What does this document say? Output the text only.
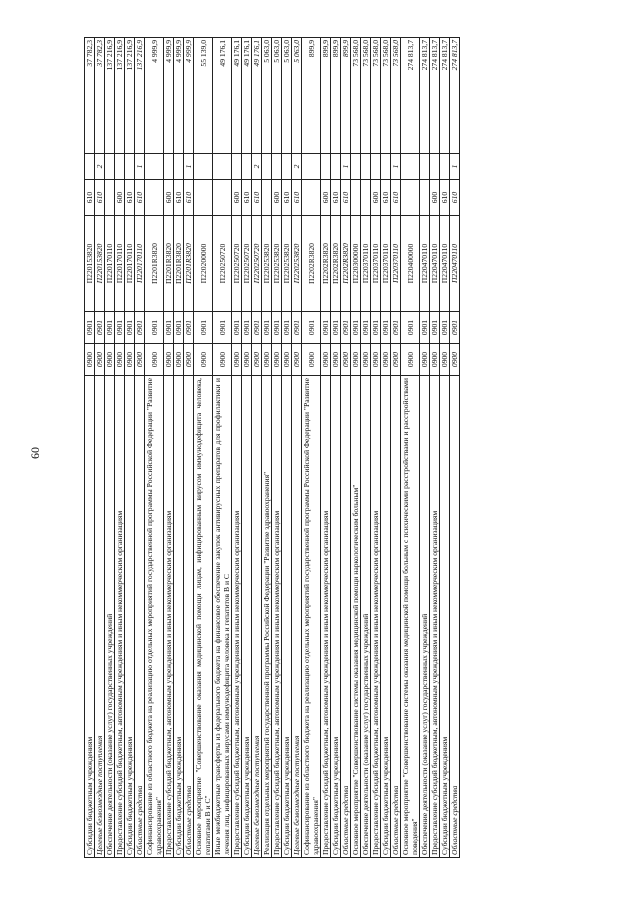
60
Субсидии бюджетным учреждениям	0900	0901	П220153820	610		37 782,3
Целевые безвозмездные поступления	0900	0901	П220153820	610	2	37 782,3
Обеспечение деятельности (оказание услуг) государственных учреждений	0900	0901	П220170110			137 216,9
Предоставление субсидий бюджетным, автономным учреждениям и иным некоммерческим организациям	0900	0901	П220170110	600		137 216,9
Субсидии бюджетным учреждениям	0900	0901	П220170110	610		137 216,9
Областные средства	0900	0901	П220170110	610	1	137 216,9
Софинансирование из областного бюджета на реализацию отдельных мероприятий государственной программы Российской Федерации "Развитие здравоохранения"	0900	0901	П2201R3820			4 999,9
Предоставление субсидий бюджетным, автономным учреждениям и иным некоммерческим организациям	0900	0901	П2201R3820	600		4 999,9
Субсидии бюджетным учреждениям	0900	0901	П2201R3820	610		4 999,9
Областные средства	0900	0901	П2201R3820	610	1	4 999,9
Основное мероприятие "Совершенствование оказания медицинской помощи лицам, инфицированным вирусом иммунодефицита человека, гепатитами В и С"	0900	0901	П220200000			55 139,0
Иные межбюджетные трансферты из федерального бюджета на финансовое обеспечение закупок антивирусных препаратов для профилактики и лечения лиц, инфицированных вирусами иммунодефицита человека и гепатитов В и С	0900	0901	П220250720			49 176,1
Предоставление субсидий бюджетным, автономным учреждениям и иным некоммерческим организациям	0900	0901	П220250720	600		49 176,1
Субсидии бюджетным учреждениям	0900	0901	П220250720	610		49 176,1
Целевые безвозмездные поступления	0900	0901	П220250720	610	2	49 176,1
Реализация отдельных мероприятий государственной программы Российской Федерации "Развитие здравоохранения"	0900	0901	П220253820			5 063,0
Предоставление субсидий бюджетным, автономным учреждениям и иным некоммерческим организациям	0900	0901	П220253820	600		5 063,0
Субсидии бюджетным учреждениям	0900	0901	П220253820	610		5 063,0
Целевые безвозмездные поступления	0900	0901	П220253820	610	2	5 063,0
Софинансирование из областного бюджета на реализацию отдельных мероприятий государственной программы Российской Федерации "Развитие здравоохранения"	0900	0901	П2202R3820			899,9
Предоставление субсидий бюджетным, автономным учреждениям и иным некоммерческим организациям	0900	0901	П2202R3820	600		899,9
Субсидии бюджетным учреждениям	0900	0901	П2202R3820	610		899,9
Областные средства	0900	0901	П2202R3820	610	1	899,9
Основное мероприятие "Совершенствование системы оказания медицинской помощи наркологическим больным"	0900	0901	П220300000			73 568,0
Обеспечение деятельности (оказание услуг) государственных учреждений	0900	0901	П220370110			73 568,0
Предоставление субсидий бюджетным, автономным учреждениям и иным некоммерческим организациям	0900	0901	П220370110	600		73 568,0
Субсидии бюджетным учреждениям	0900	0901	П220370110	610		73 568,0
Областные средства	0900	0901	П220370110	610	1	73 568,0
Основное мероприятие "Совершенствование системы оказания медицинской помощи больным с психическими расстройствами и расстройствами поведения"	0900	0901	П220400000			274 813,7
Обеспечение деятельности (оказание услуг) государственных учреждений	0900	0901	П220470110			274 813,7
Предоставление субсидий бюджетным, автономным учреждениям и иным некоммерческим организациям	0900	0901	П220470110	600		274 813,7
Субсидии бюджетным учреждениям	0900	0901	П220470110	610		274 813,7
Областные средства	0900	0901	П220470110	610	1	274 813,7
